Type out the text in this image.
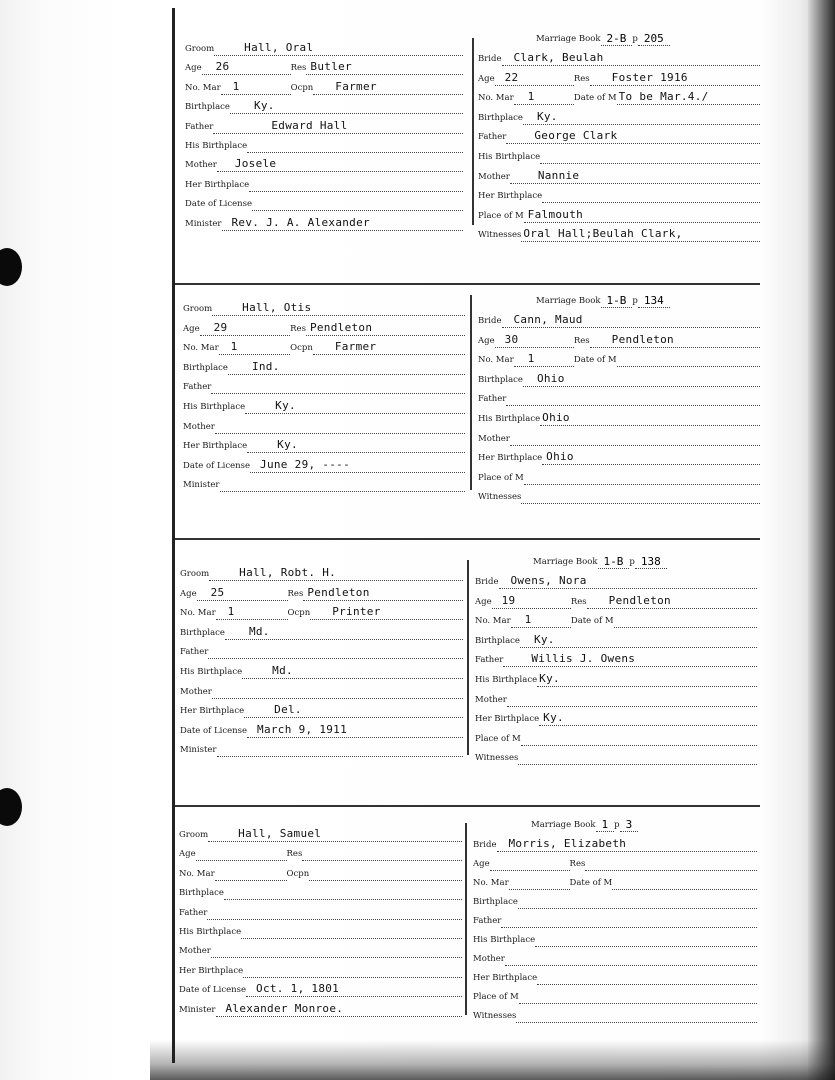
Groom	Hall, Oral
Age 26	Res Butler
No. Mar 1	Ocpn Farmer
Birthplace Ky.
Father	Edward Hall
His Birthplace
Mother Josele
Her Birthplace
Date of License
Minister Rev. J. A. Alexander
Marriage Book 2-B p 205
Bride Clark, Beulah
Age 22	Res Foster 1916
No. Mar 1	Date of M To be Mar.4./
Birthplace Ky.
Father	George Clark
His Birthplace
Mother	Nannie
Her Birthplace
Place of M Falmouth
Witnesses Oral Hall;Beulah Clark,
Groom	Hall, Otis
Age 29	Res Pendleton
No. Mar 1	Ocpn Farmer
Birthplace Ind.
Father
His Birthplace	Ky.
Mother
Her Birthplace	Ky.
Date of License June 29, ----
Minister
Marriage Book 1-B p 134
Bride Cann, Maud
Age 30	Res Pendleton
No. Mar 1	Date of M
Birthplace Ohio
Father
His Birthplace Ohio
Mother
Her Birthplace Ohio
Place of M
Witnesses
Groom	Hall, Robt. H.
Age 25	Res Pendleton
No. Mar 1	Ocpn Printer
Birthplace Md.
Father
His Birthplace	Md.
Mother
Her Birthplace	Del.
Date of License March 9, 1911
Minister
Marriage Book 1-B p 138
Bride Owens, Nora
Age 19	Res Pendleton
No. Mar 1	Date of M
Birthplace Ky.
Father	Willis J. Owens
His Birthplace Ky.
Mother
Her Birthplace Ky.
Place of M
Witnesses
Groom	Hall, Samuel
Age	Res
No. Mar	Ocpn
Birthplace
Father
His Birthplace
Mother
Her Birthplace
Date of License Oct. 1, 1801
Minister Alexander Monroe.
Marriage Book 1 p 3
Bride Morris, Elizabeth
Age	Res
No. Mar	Date of M
Birthplace
Father
His Birthplace
Mother
Her Birthplace
Place of M
Witnesses
